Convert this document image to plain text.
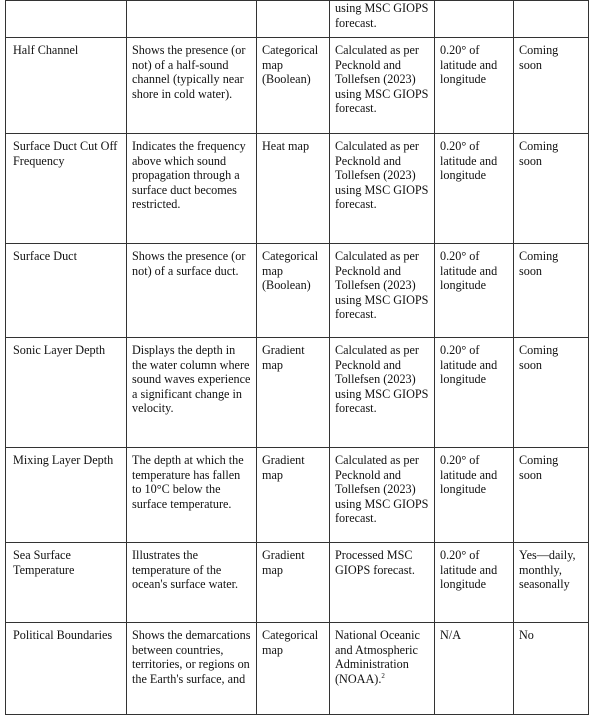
			using MSC GIOPS forecast.		

Half Channel	Shows the presence (or not) of a half-sound channel (typically near shore in cold water).	Categorical map (Boolean)	Calculated as per Pecknold and Tollefsen (2023) using MSC GIOPS forecast.	0.20° of latitude and longitude	Coming soon

Surface Duct Cut Off Frequency	Indicates the frequency above which sound propagation through a surface duct becomes restricted.	Heat map	Calculated as per Pecknold and Tollefsen (2023) using MSC GIOPS forecast.	0.20° of latitude and longitude	Coming soon

Surface Duct	Shows the presence (or not) of a surface duct.	Categorical map (Boolean)	Calculated as per Pecknold and Tollefsen (2023) using MSC GIOPS forecast.	0.20° of latitude and longitude	Coming soon

Sonic Layer Depth	Displays the depth in the water column where sound waves experience a significant change in velocity.	Gradient map	Calculated as per Pecknold and Tollefsen (2023) using MSC GIOPS forecast.	0.20° of latitude and longitude	Coming soon

Mixing Layer Depth	The depth at which the temperature has fallen to 10°C below the surface temperature.	Gradient map	Calculated as per Pecknold and Tollefsen (2023) using MSC GIOPS forecast.	0.20° of latitude and longitude	Coming soon

Sea Surface Temperature	Illustrates the temperature of the ocean's surface water.	Gradient map	Processed MSC GIOPS forecast.	0.20° of latitude and longitude	Yes—daily, monthly, seasonally

Political Boundaries	Shows the demarcations between countries, territories, or regions on the Earth's surface, and	Categorical map	National Oceanic and Atmospheric Administration (NOAA).$^2$	N/A	No
